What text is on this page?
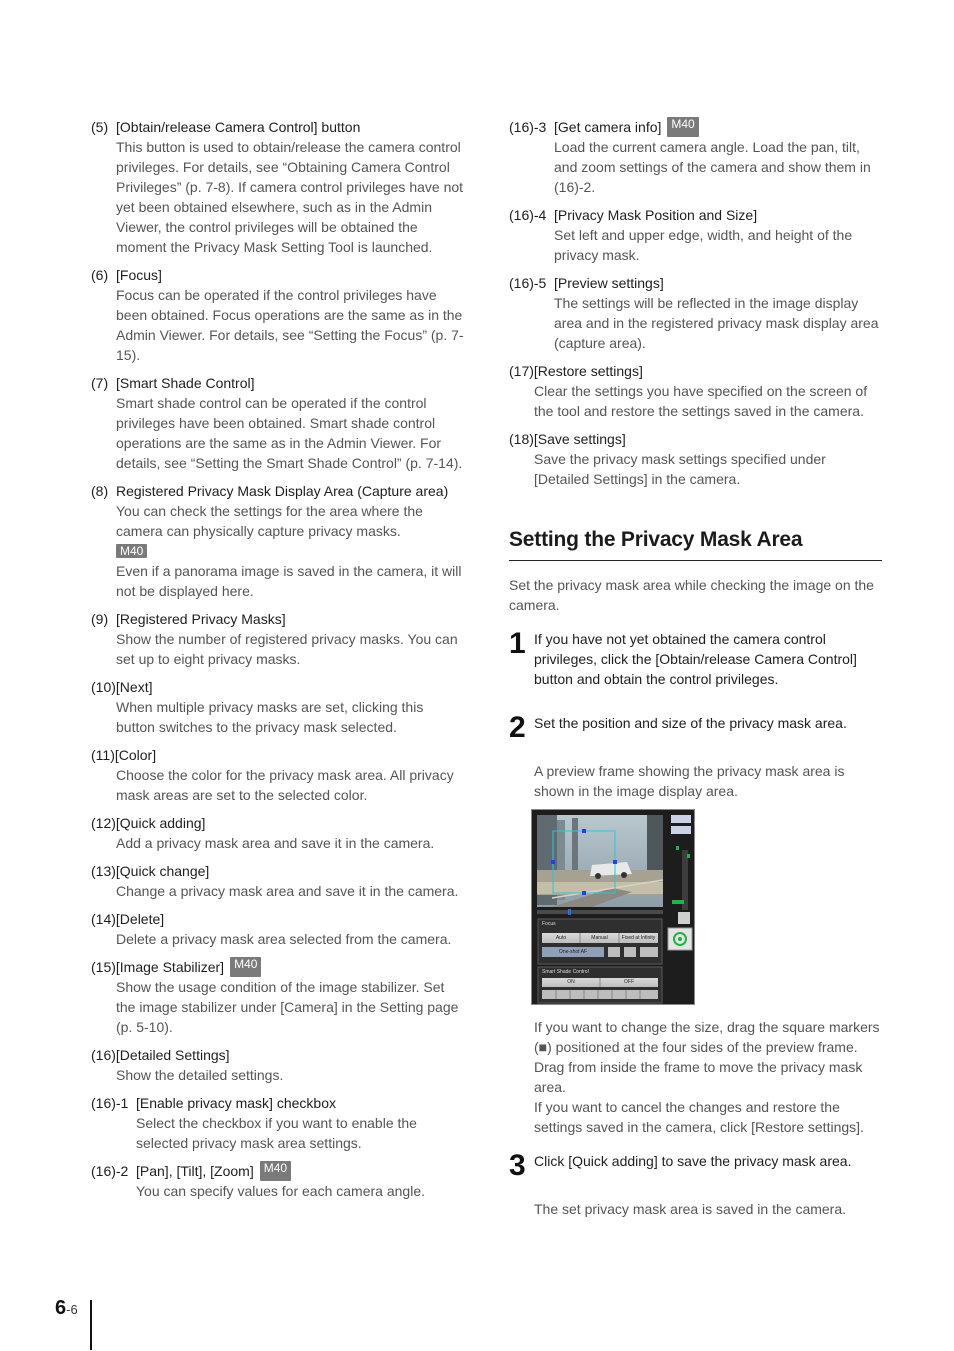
(5) [Obtain/release Camera Control] button
This button is used to obtain/release the camera control privileges. For details, see “Obtaining Camera Control Privileges” (p. 7-8). If camera control privileges have not yet been obtained elsewhere, such as in the Admin Viewer, the control privileges will be obtained the moment the Privacy Mask Setting Tool is launched.
(6) [Focus]
Focus can be operated if the control privileges have been obtained. Focus operations are the same as in the Admin Viewer. For details, see “Setting the Focus” (p. 7-15).
(7) [Smart Shade Control]
Smart shade control can be operated if the control privileges have been obtained. Smart shade control operations are the same as in the Admin Viewer. For details, see “Setting the Smart Shade Control” (p. 7-14).
(8) Registered Privacy Mask Display Area (Capture area)
You can check the settings for the area where the camera can physically capture privacy masks.
M40
Even if a panorama image is saved in the camera, it will not be displayed here.
(9) [Registered Privacy Masks]
Show the number of registered privacy masks. You can set up to eight privacy masks.
(10) [Next]
When multiple privacy masks are set, clicking this button switches to the privacy mask selected.
(11) [Color]
Choose the color for the privacy mask area. All privacy mask areas are set to the selected color.
(12) [Quick adding]
Add a privacy mask area and save it in the camera.
(13) [Quick change]
Change a privacy mask area and save it in the camera.
(14) [Delete]
Delete a privacy mask area selected from the camera.
(15) [Image Stabilizer] M40
Show the usage condition of the image stabilizer. Set the image stabilizer under [Camera] in the Setting page (p. 5-10).
(16) [Detailed Settings]
Show the detailed settings.
(16)-1 [Enable privacy mask] checkbox
Select the checkbox if you want to enable the selected privacy mask area settings.
(16)-2 [Pan], [Tilt], [Zoom] M40
You can specify values for each camera angle.
(16)-3 [Get camera info] M40
Load the current camera angle. Load the pan, tilt, and zoom settings of the camera and show them in (16)-2.
(16)-4 [Privacy Mask Position and Size]
Set left and upper edge, width, and height of the privacy mask.
(16)-5 [Preview settings]
The settings will be reflected in the image display area and in the registered privacy mask display area (capture area).
(17) [Restore settings]
Clear the settings you have specified on the screen of the tool and restore the settings saved in the camera.
(18) [Save settings]
Save the privacy mask settings specified under [Detailed Settings] in the camera.
Setting the Privacy Mask Area
Set the privacy mask area while checking the image on the camera.
1 If you have not yet obtained the camera control privileges, click the [Obtain/release Camera Control] button and obtain the control privileges.
2 Set the position and size of the privacy mask area.
A preview frame showing the privacy mask area is shown in the image display area.
Focus
Auto	Manual	Fixed at Infinity
One-shot AF
Smart Shade Control
ON	OFF

If you want to change the size, drag the square markers (■) positioned at the four sides of the preview frame. Drag from inside the frame to move the privacy mask area.

If you want to cancel the changes and restore the settings saved in the camera, click [Restore settings].

3 Click [Quick adding] to save the privacy mask area.
The set privacy mask area is saved in the camera.
6-6
